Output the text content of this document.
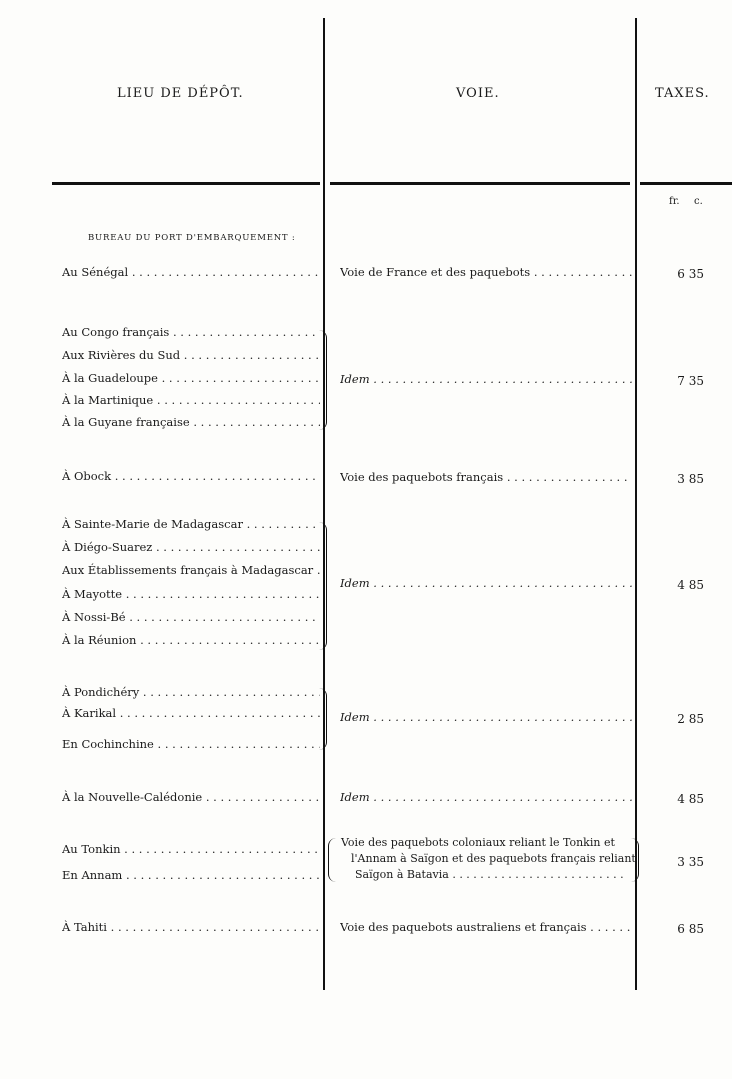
LIEU DE DÉPÔT.	VOIE.	TAXES.
fr. c.
BUREAU DU PORT D'EMBARQUEMENT :
Au Sénégal . . .	Voie de France et des paquebots . . .	6 35
Au Congo français . . .
Aux Rivières du Sud . . .
À la Guadeloupe . . .
À la Martinique . . .
À la Guyane française . . .
Idem . . .	7 35
À Obock . . .	Voie des paquebots français . . .	3 85
À Sainte-Marie de Madagascar . . .
À Diégo-Suarez . . .
Aux Établissements français à Madagascar . . .
À Mayotte . . .
À Nossi-Bé . . .
À la Réunion . . .
Idem . . .	4 85
À Pondichéry . . .
À Karikal . . .
En Cochinchine . . .
Idem . . .	2 85
À la Nouvelle-Calédonie . . .	Idem . . .	4 85
Au Tonkin . . .
En Annam . . .
Voie des paquebots coloniaux reliant le Tonkin et
l'Annam à Saïgon et des paquebots français reliant
Saïgon à Batavia . . .
3 35
À Tahiti . . .	Voie des paquebots australiens et français . . .	6 85
